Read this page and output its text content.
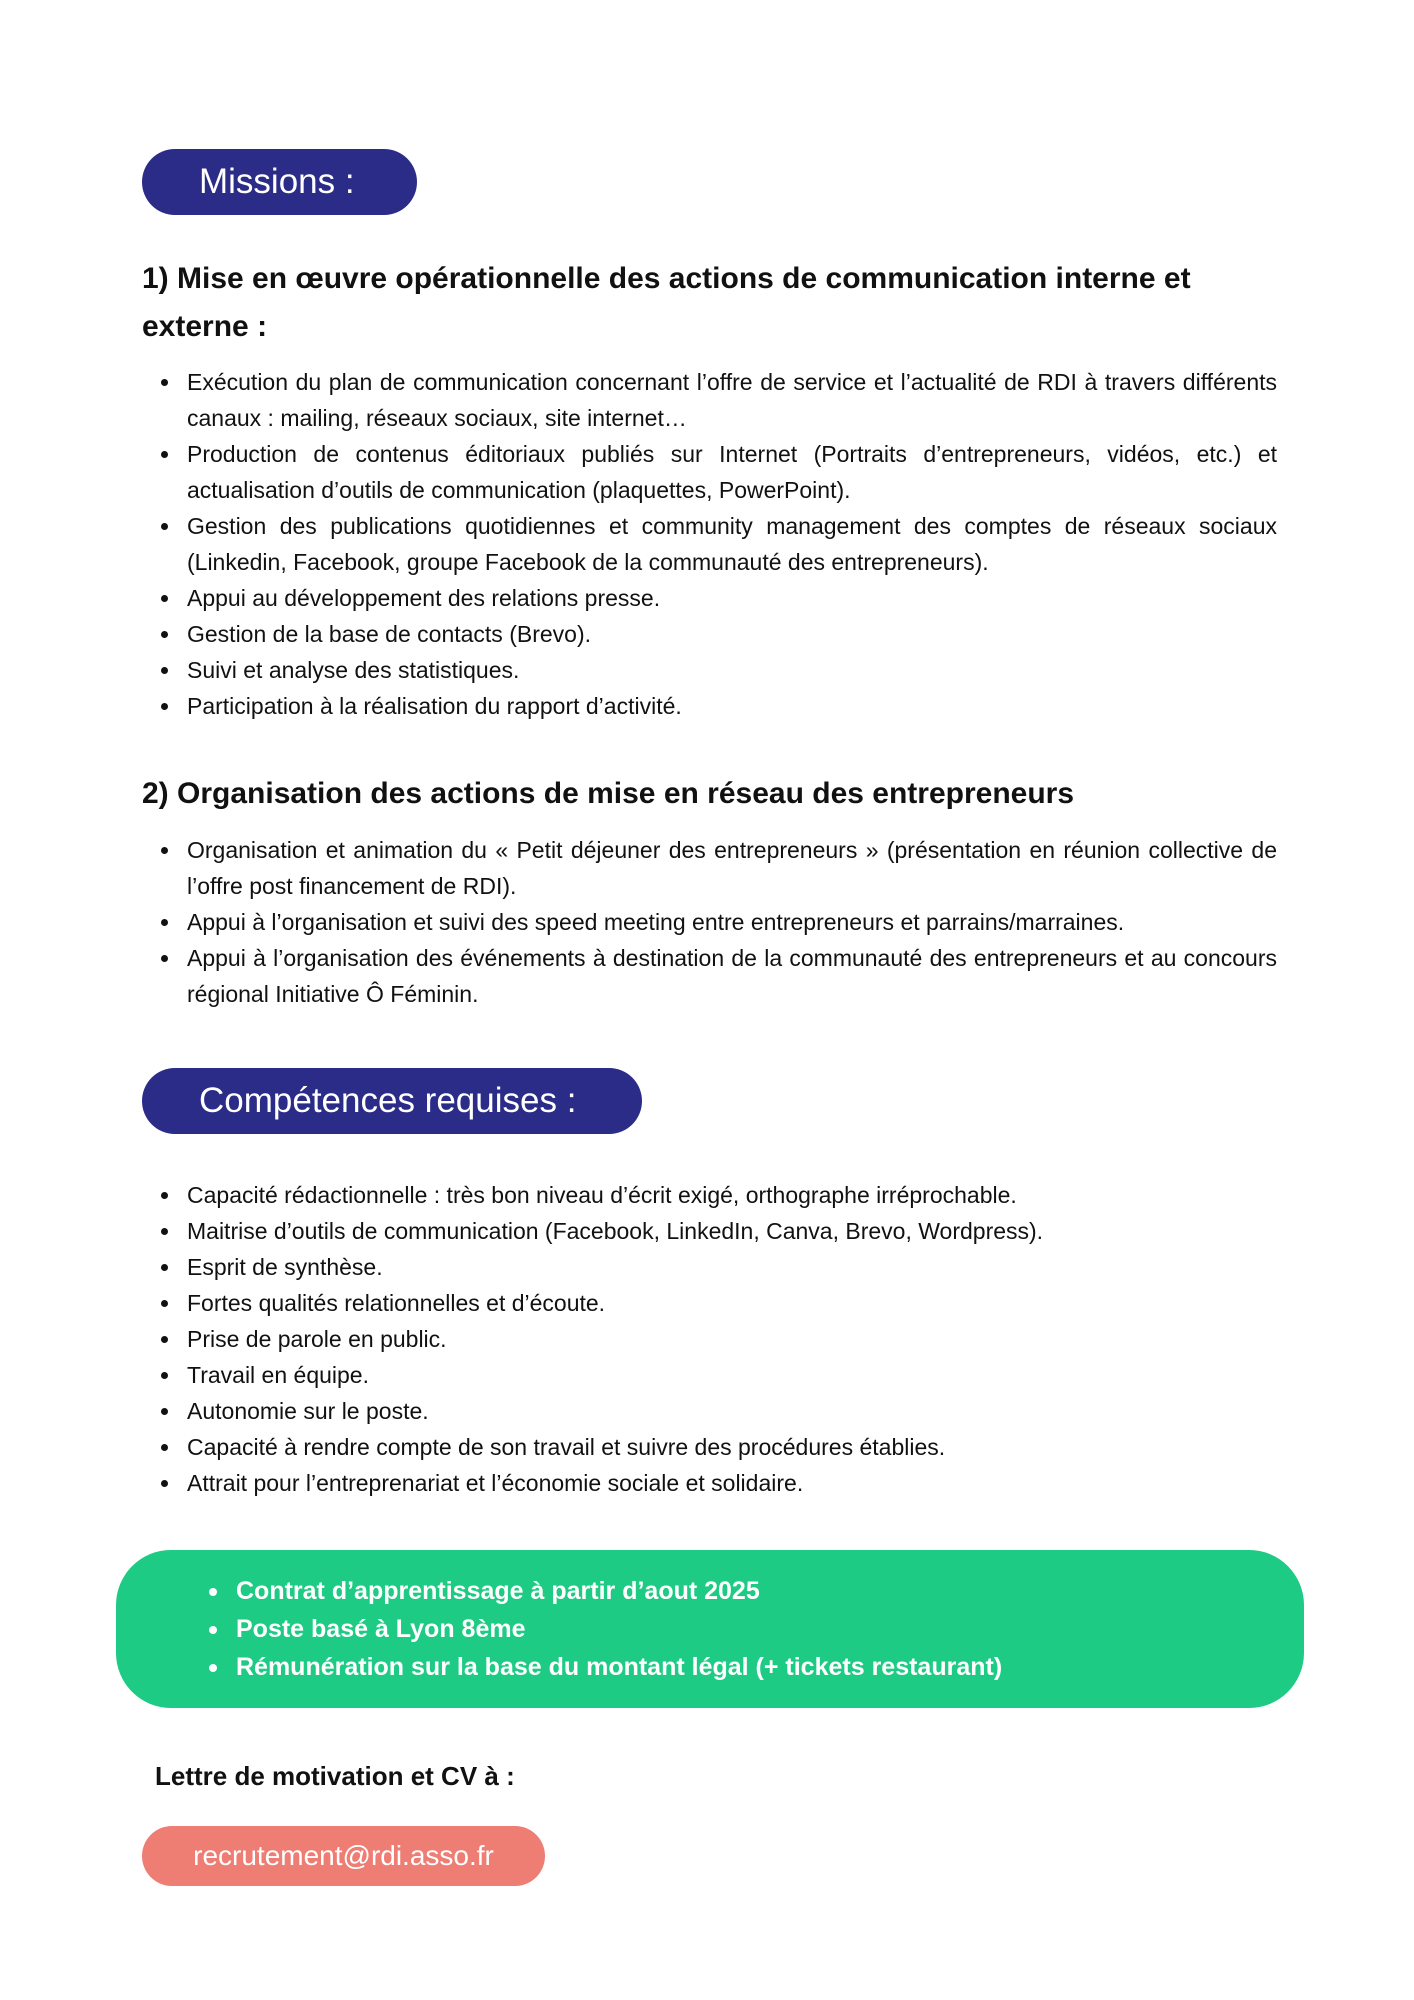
Missions :
1) Mise en œuvre opérationnelle des actions de communication interne et externe :
Exécution du plan de communication concernant l’offre de service et l’actualité de RDI à travers différents canaux : mailing, réseaux sociaux, site internet…
Production de contenus éditoriaux publiés sur Internet (Portraits d’entrepreneurs, vidéos, etc.) et actualisation d’outils de communication (plaquettes, PowerPoint).
Gestion des publications quotidiennes et community management des comptes de réseaux sociaux (Linkedin, Facebook, groupe Facebook de la communauté des entrepreneurs).
Appui au développement des relations presse.
Gestion de la base de contacts (Brevo).
Suivi et analyse des statistiques.
Participation à la réalisation du rapport d’activité.
2) Organisation des actions de mise en réseau des entrepreneurs
Organisation et animation du « Petit déjeuner des entrepreneurs » (présentation en réunion collective de l’offre post financement de RDI).
Appui à l’organisation et suivi des speed meeting entre entrepreneurs et parrains/marraines.
Appui à l’organisation des événements à destination de la communauté des entrepreneurs et au concours régional Initiative Ô Féminin.
Compétences requises :
Capacité rédactionnelle : très bon niveau d’écrit exigé, orthographe irréprochable.
Maitrise d’outils de communication (Facebook, LinkedIn, Canva, Brevo, Wordpress).
Esprit de synthèse.
Fortes qualités relationnelles et d’écoute.
Prise de parole en public.
Travail en équipe.
Autonomie sur le poste.
Capacité à rendre compte de son travail et suivre des procédures établies.
Attrait pour l’entreprenariat et l’économie sociale et solidaire.
Contrat d’apprentissage à partir d’aout 2025
Poste basé à Lyon 8ème
Rémunération sur la base du montant légal (+ tickets restaurant)
Lettre de motivation et CV à :
recrutement@rdi.asso.fr
